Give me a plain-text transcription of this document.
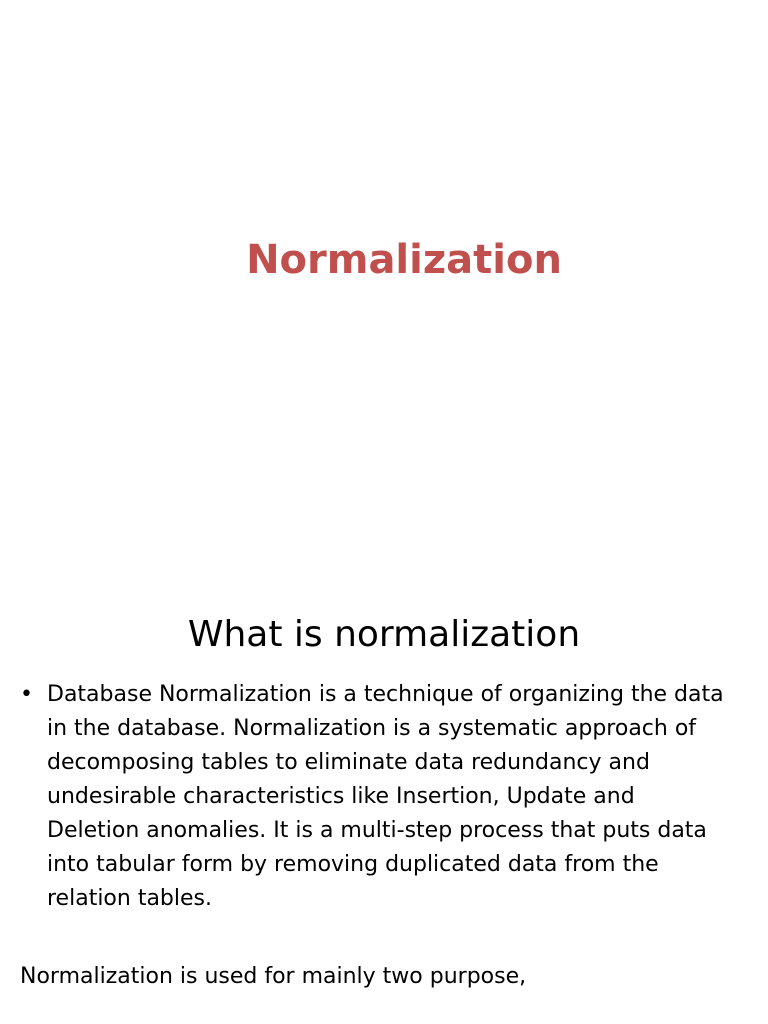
Normalization
What is normalization
• Database Normalization is a technique of organizing the data
in the database. Normalization is a systematic approach of
decomposing tables to eliminate data redundancy and
undesirable characteristics like Insertion, Update and
Deletion anomalies. It is a multi-step process that puts data
into tabular form by removing duplicated data from the
relation tables.
Normalization is used for mainly two purpose,
